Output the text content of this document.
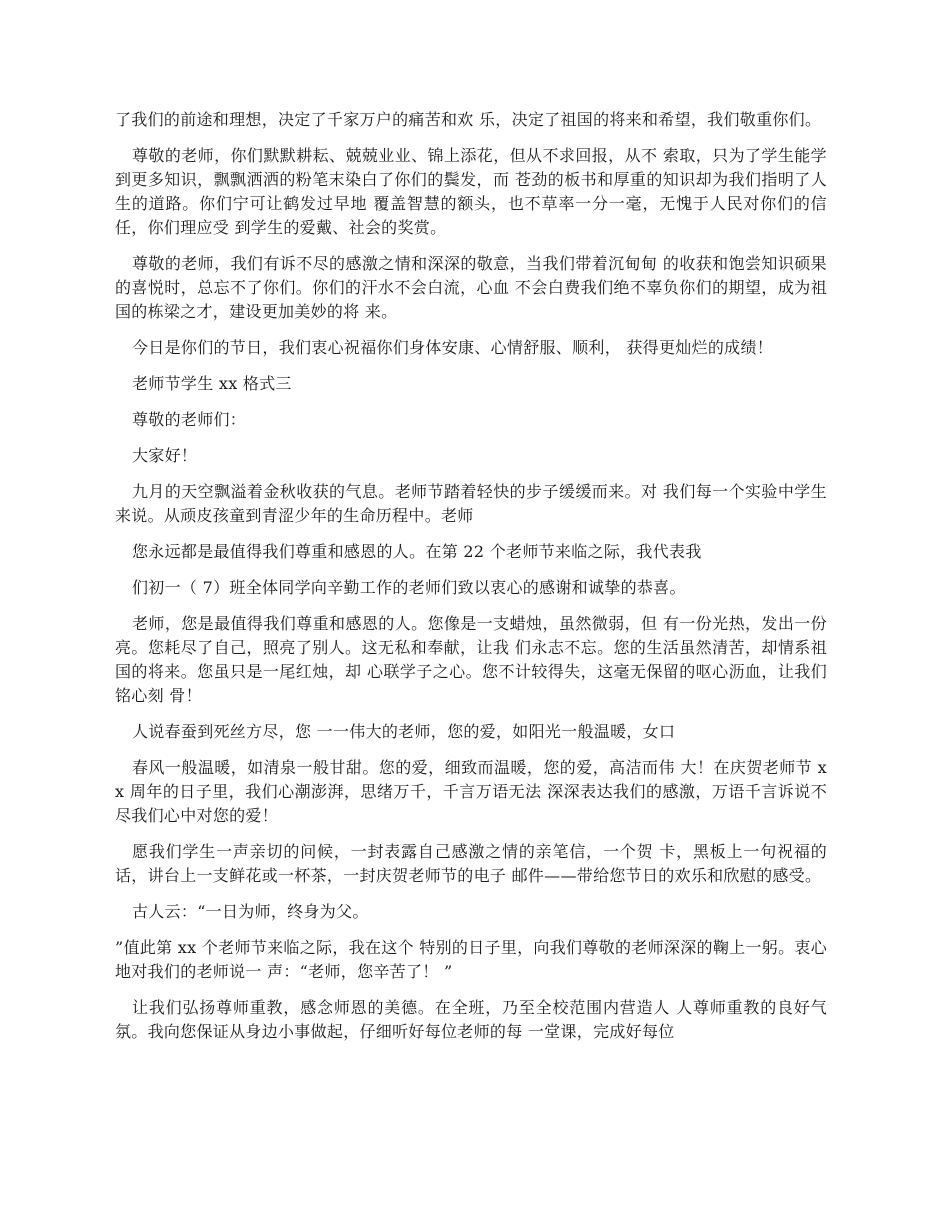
了我们的前途和理想，决定了千家万户的痛苦和欢 乐，决定了祖国的将来和希望，我们敬重你们。

尊敬的老师，你们默默耕耘、兢兢业业、锦上添花，但从不求回报，从不 索取，只为了学生能学到更多知识，飘飘洒洒的粉笔末染白了你们的鬓发，而 苍劲的板书和厚重的知识却为我们指明了人生的道路。你们宁可让鹤发过早地 覆盖智慧的额头，也不草率一分一毫，无愧于人民对你们的信任，你们理应受 到学生的爱戴、社会的奖赏。

尊敬的老师，我们有诉不尽的感激之情和深深的敬意，当我们带着沉甸甸 的收获和饱尝知识硕果的喜悦时，总忘不了你们。你们的汗水不会白流，心血 不会白费我们绝不辜负你们的期望，成为祖国的栋梁之才，建设更加美妙的将 来。

今日是你们的节日，我们衷心祝福你们身体安康、心情舒服、顺利， 获得更灿烂的成绩！

老师节学生 xx 格式三

尊敬的老师们：

大家好！

九月的天空飘溢着金秋收获的气息。老师节踏着轻快的步子缓缓而来。对 我们每一个实验中学生来说。从顽皮孩童到青涩少年的生命历程中。老师

您永远都是最值得我们尊重和感恩的人。在第 22 个老师节来临之际，我代表我

们初一（ 7）班全体同学向辛勤工作的老师们致以衷心的感谢和诚挚的恭喜。

老师，您是最值得我们尊重和感恩的人。您像是一支蜡烛，虽然微弱，但 有一份光热，发出一份亮。您耗尽了自己，照亮了别人。这无私和奉献，让我 们永志不忘。您的生活虽然清苦，却情系祖国的将来。您虽只是一尾红烛，却 心联学子之心。您不计较得失，这毫无保留的呕心沥血，让我们铭心刻 骨！

人说春蚕到死丝方尽，您 一一伟大的老师，您的爱，如阳光一般温暖，女口

春风一般温暖，如清泉一般甘甜。您的爱，细致而温暖，您的爱，高洁而伟 大！在庆贺老师节 xx 周年的日子里，我们心潮澎湃，思绪万千，千言万语无法 深深表达我们的感激，万语千言诉说不尽我们心中对您的爱！

愿我们学生一声亲切的问候，一封表露自己感激之情的亲笔信，一个贺 卡，黑板上一句祝福的话，讲台上一支鲜花或一杯茶，一封庆贺老师节的电子 邮件——带给您节日的欢乐和欣慰的感受。

古人云：“一日为师，终身为父。

”值此第 xx 个老师节来临之际，我在这个 特别的日子里，向我们尊敬的老师深深的鞠上一躬。衷心地对我们的老师说一 声：“老师，您辛苦了！ ”

让我们弘扬尊师重教，感念师恩的美德。在全班，乃至全校范围内营造人 人尊师重教的良好气氛。我向您保证从身边小事做起，仔细听好每位老师的每 一堂课，完成好每位
